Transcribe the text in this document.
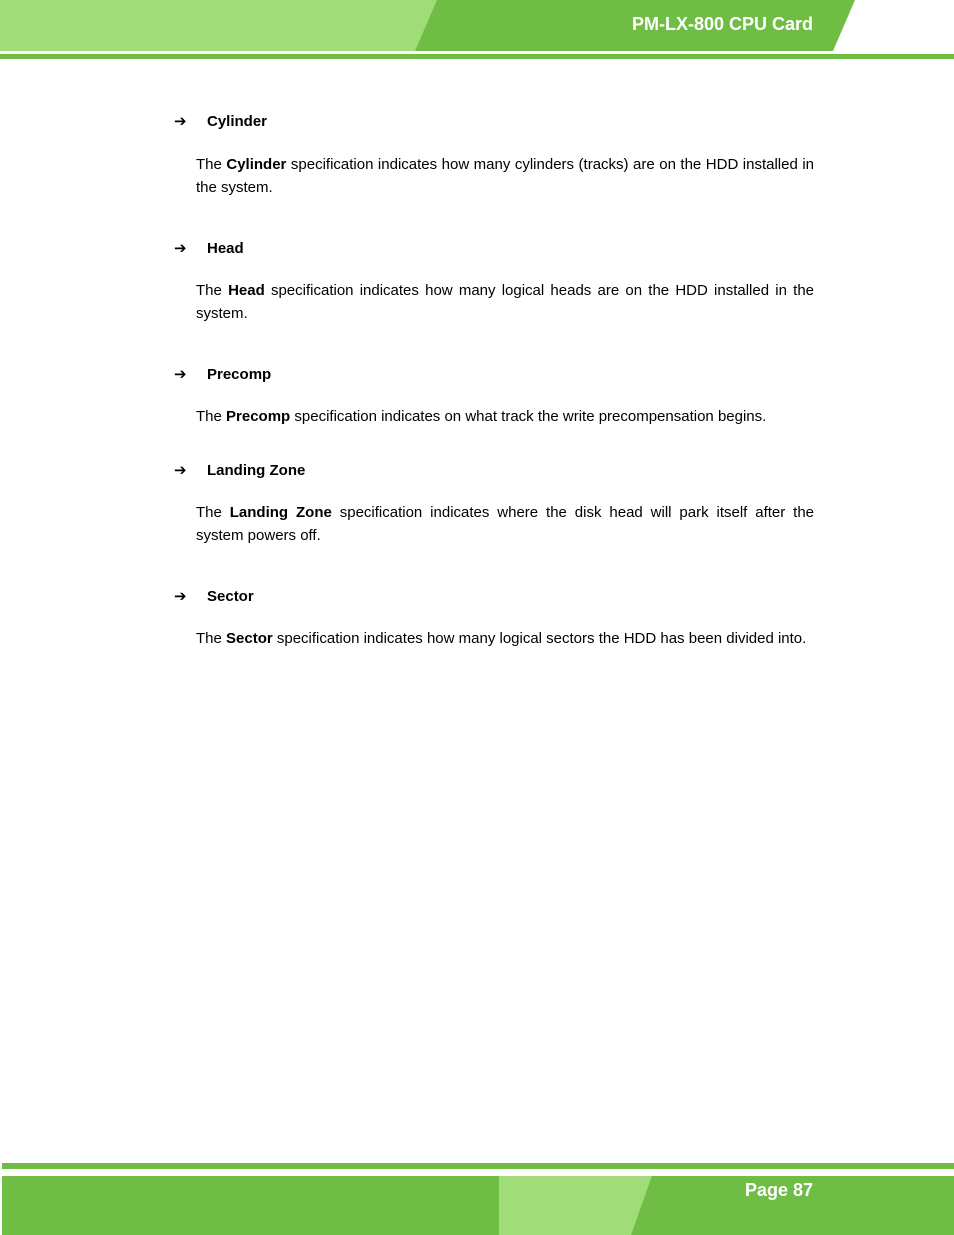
PM-LX-800 CPU Card
➔ Cylinder
The Cylinder specification indicates how many cylinders (tracks) are on the HDD installed in the system.
➔ Head
The Head specification indicates how many logical heads are on the HDD installed in the system.
➔ Precomp
The Precomp specification indicates on what track the write precompensation begins.
➔ Landing Zone
The Landing Zone specification indicates where the disk head will park itself after the system powers off.
➔ Sector
The Sector specification indicates how many logical sectors the HDD has been divided into.
Page 87
